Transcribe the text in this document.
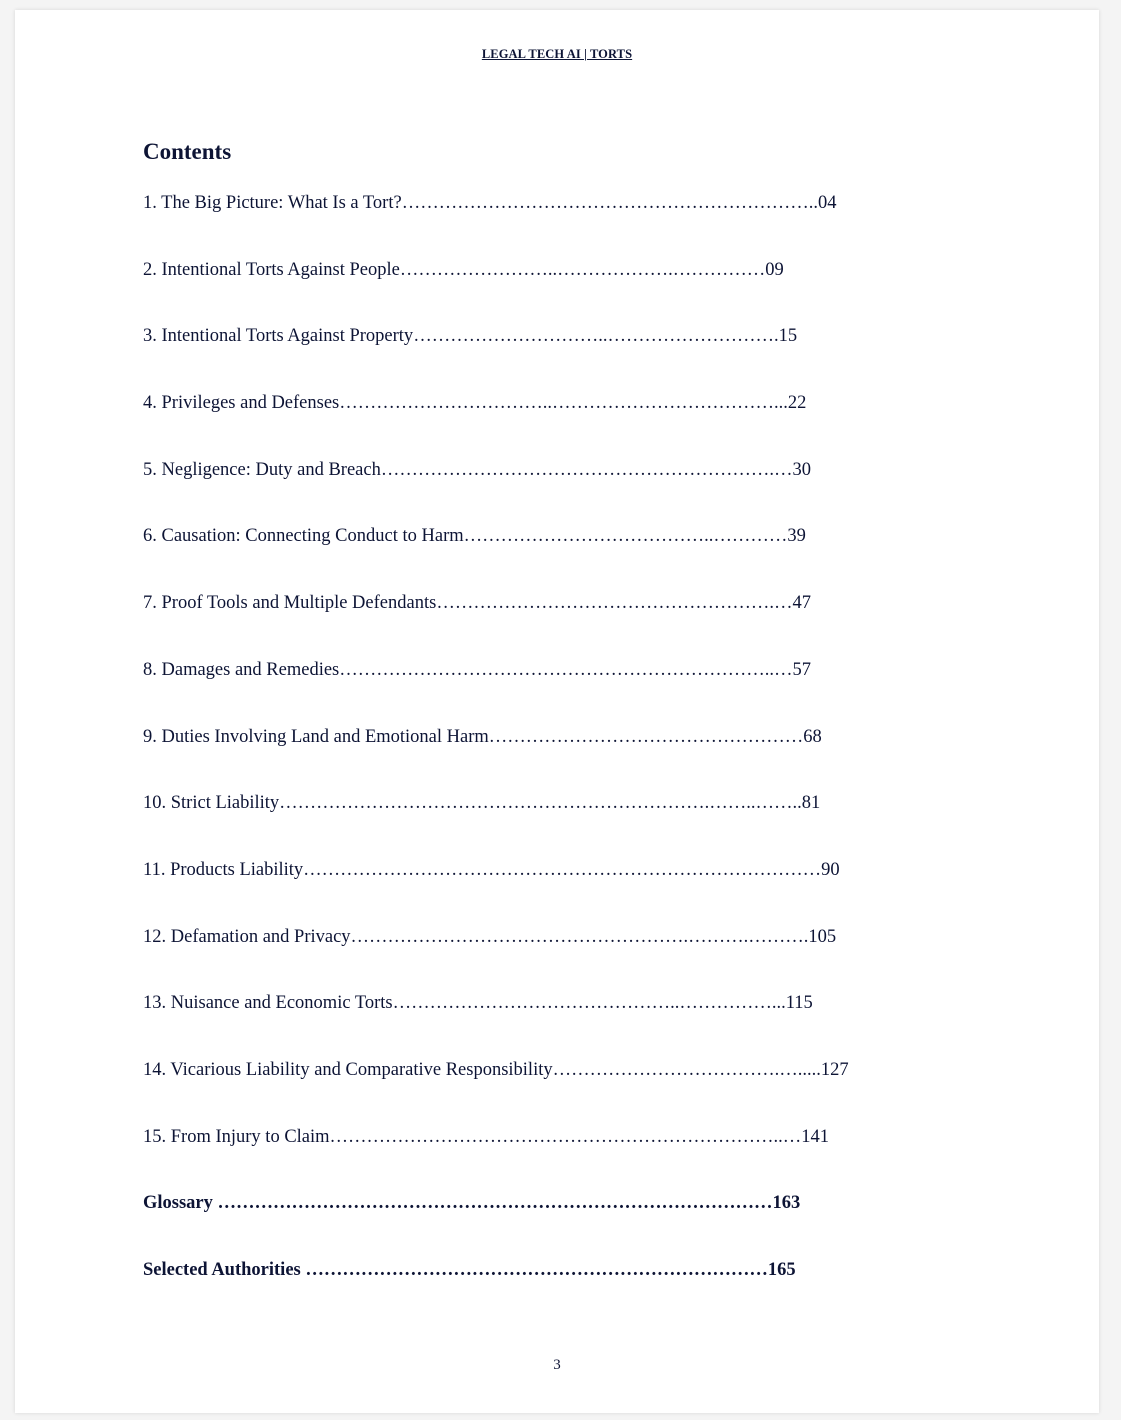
LEGAL TECH AI | TORTS
Contents
1. The Big Picture: What Is a Tort?…………………………………………………………..04
2. Intentional Torts Against People……………………..……………….……………09
3. Intentional Torts Against Property…………………………..……………………….15
4. Privileges and Defenses……………………………..………………………………...22
5. Negligence: Duty and Breach……………………………………………………….…30
6. Causation: Connecting Conduct to Harm…………………………………..…………39
7. Proof Tools and Multiple Defendants……………………………………………….…47
8. Damages and Remedies……………………………………………………………..…57
9. Duties Involving Land and Emotional Harm……………………………………………68
10. Strict Liability…………………………………………………………….……..……..81
11. Products Liability…………………………………………………………………………90
12. Defamation and Privacy……………………………………………….……….……….105
13. Nuisance and Economic Torts………………………………………..……………...115
14. Vicarious Liability and Comparative Responsibility……………………………….….....127
15. From Injury to Claim………………………………………………………………..…141
Glossary ………………………………………………………………………………163
Selected Authorities …………………………………………………………………165
3
